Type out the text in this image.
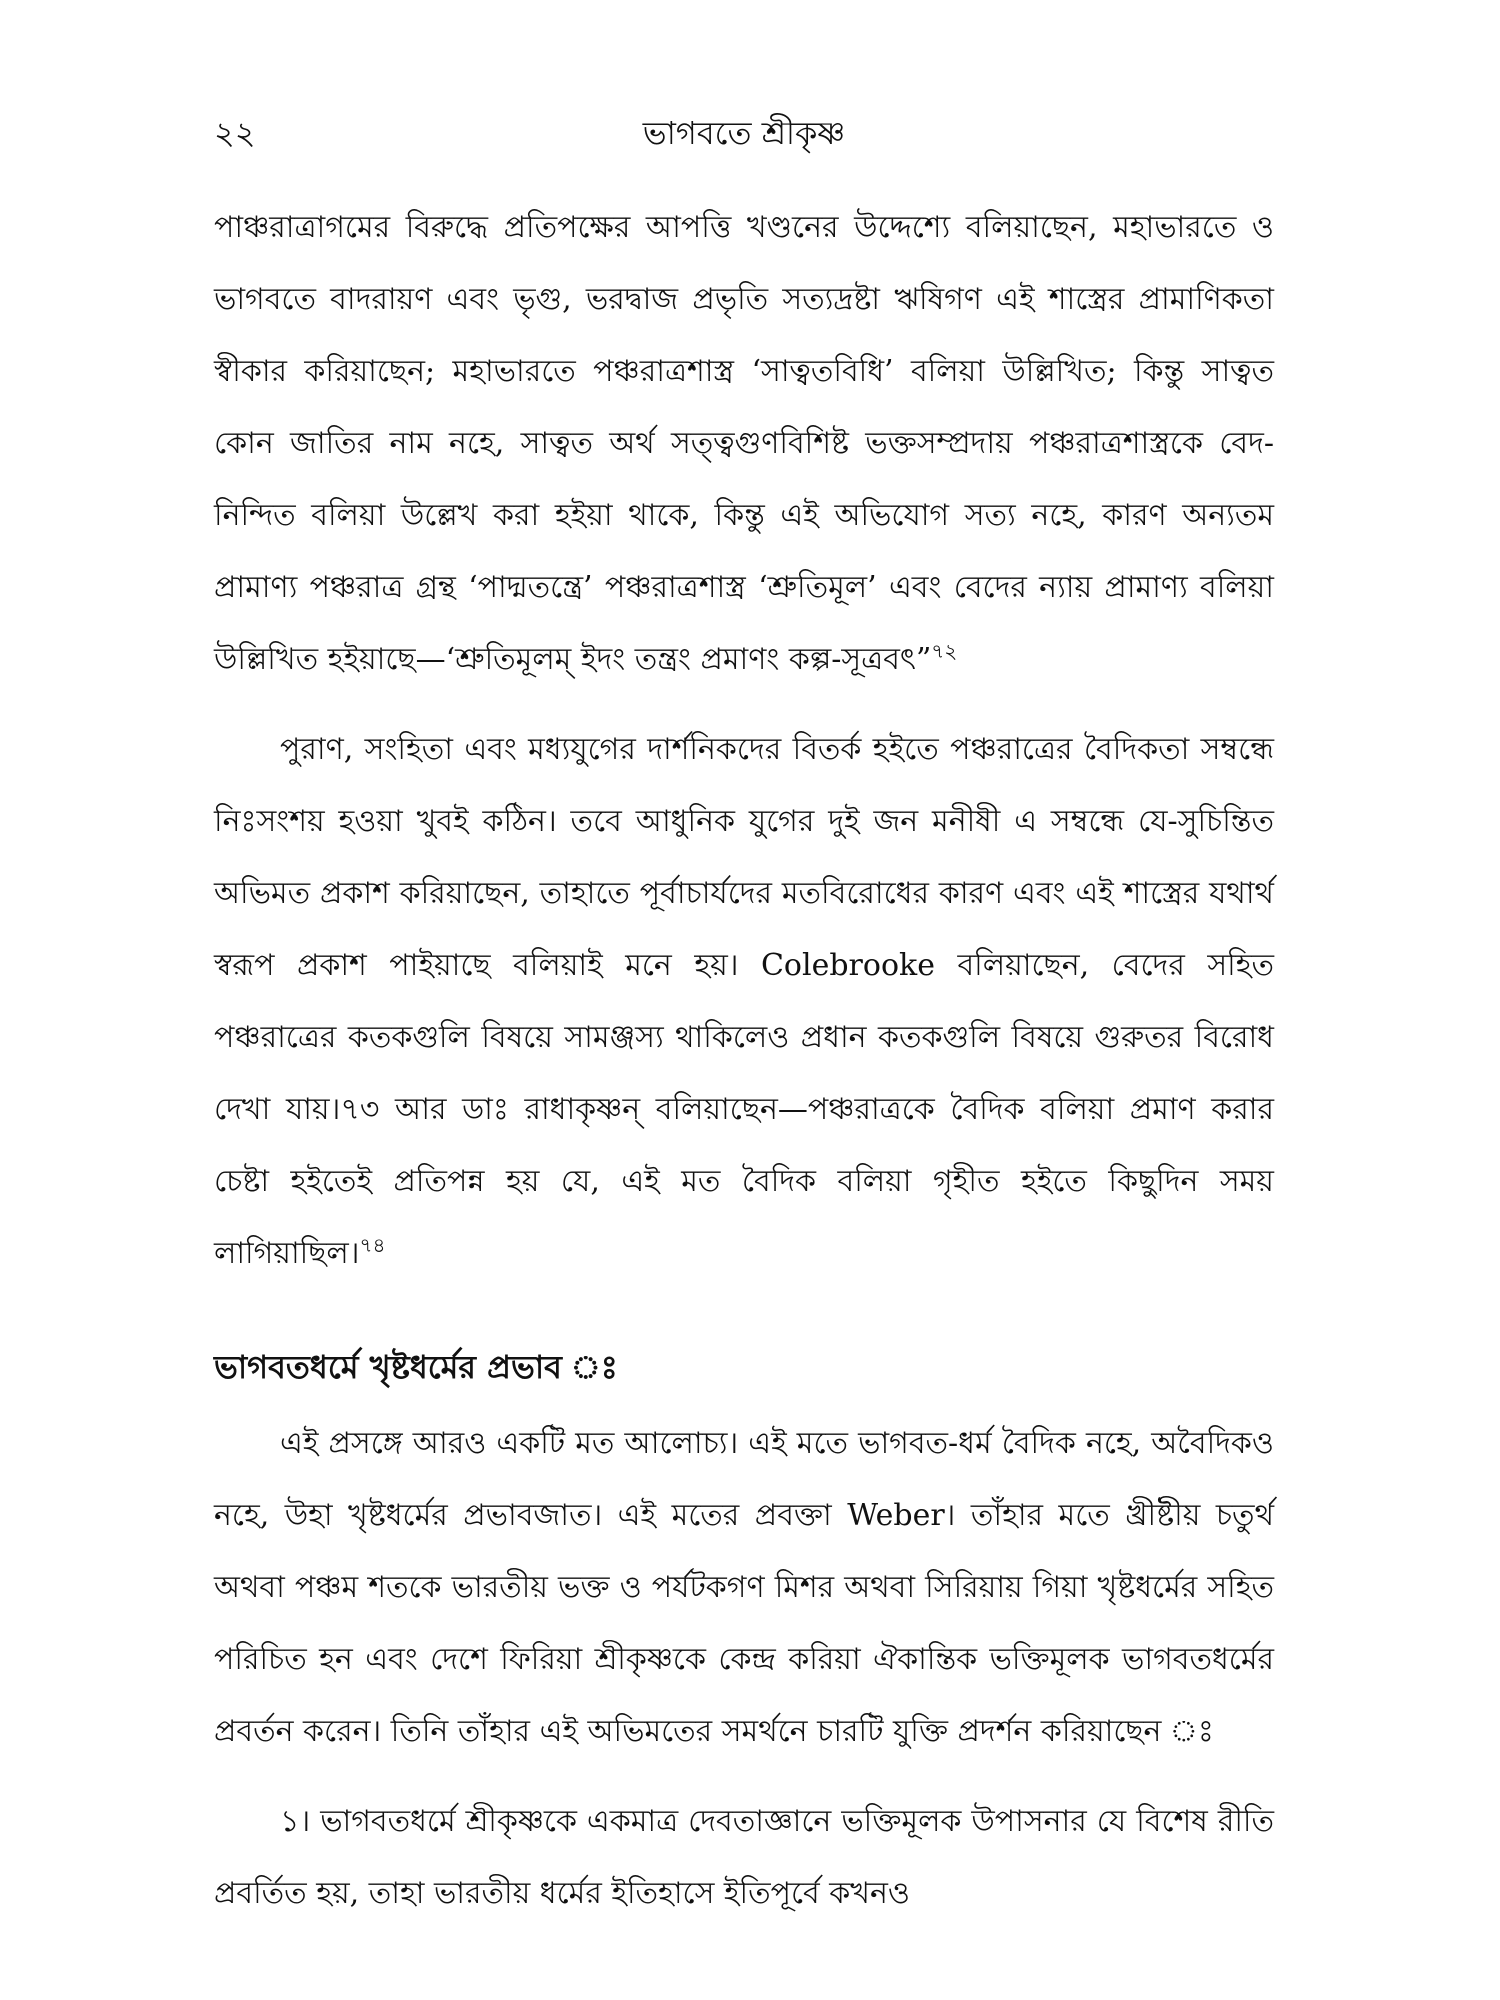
২২	ভাগবতে শ্রীকৃষ্ণ

পাঞ্চরাত্রাগমের বিরুদ্ধে প্রতিপক্ষের আপত্তি খণ্ডনের উদ্দেশ্যে বলিয়াছেন, মহাভারতে ও ভাগবতে বাদরায়ণ এবং ভৃগু, ভরদ্বাজ প্রভৃতি সত্যদ্রষ্টা ঋষিগণ এই শাস্ত্রের প্রামাণিকতা স্বীকার করিয়াছেন; মহাভারতে পঞ্চরাত্রশাস্ত্র ‘সাত্বতবিধি’ বলিয়া উল্লিখিত; কিন্তু সাত্বত কোন জাতির নাম নহে, সাত্বত অর্থ সত্ত্বগুণবিশিষ্ট ভক্তসম্প্রদায় পঞ্চরাত্রশাস্ত্রকে বেদ-নিন্দিত বলিয়া উল্লেখ করা হইয়া থাকে, কিন্তু এই অভিযোগ সত্য নহে, কারণ অন্যতম প্রামাণ্য পঞ্চরাত্র গ্রন্থ ‘পাদ্মতন্ত্রে’ পঞ্চরাত্রশাস্ত্র ‘শ্রুতিমূল’ এবং বেদের ন্যায় প্রামাণ্য বলিয়া উল্লিখিত হইয়াছে—‘শ্রুতিমূলম্ ইদং তন্ত্রং প্রমাণং কল্প-সূত্রবৎ”$^{৭২}$

পুরাণ, সংহিতা এবং মধ্যযুগের দার্শনিকদের বিতর্ক হইতে পঞ্চরাত্রের বৈদিকতা সম্বন্ধে নিঃসংশয় হওয়া খুবই কঠিন। তবে আধুনিক যুগের দুই জন মনীষী এ সম্বন্ধে যে-সুচিন্তিত অভিমত প্রকাশ করিয়াছেন, তাহাতে পূর্বাচার্যদের মতবিরোধের কারণ এবং এই শাস্ত্রের যথার্থ স্বরূপ প্রকাশ পাইয়াছে বলিয়াই মনে হয়। Colebrooke বলিয়াছেন, বেদের সহিত পঞ্চরাত্রের কতকগুলি বিষয়ে সামঞ্জস্য থাকিলেও প্রধান কতকগুলি বিষয়ে গুরুতর বিরোধ দেখা যায়।৭৩ আর ডাঃ রাধাকৃষ্ণন্ বলিয়াছেন—পঞ্চরাত্রকে বৈদিক বলিয়া প্রমাণ করার চেষ্টা হইতেই প্রতিপন্ন হয় যে, এই মত বৈদিক বলিয়া গৃহীত হইতে কিছুদিন সময় লাগিয়াছিল।$^{৭৪}$

ভাগবতধর্মে খৃষ্টধর্মের প্রভাব ঃ

এই প্রসঙ্গে আরও একটি মত আলোচ্য। এই মতে ভাগবত-ধর্ম বৈদিক নহে, অবৈদিকও নহে, উহা খৃষ্টধর্মের প্রভাবজাত। এই মতের প্রবক্তা Weber। তাঁহার মতে খ্রীষ্টীয় চতুর্থ অথবা পঞ্চম শতকে ভারতীয় ভক্ত ও পর্যটকগণ মিশর অথবা সিরিয়ায় গিয়া খৃষ্টধর্মের সহিত পরিচিত হন এবং দেশে ফিরিয়া শ্রীকৃষ্ণকে কেন্দ্র করিয়া ঐকান্তিক ভক্তিমূলক ভাগবতধর্মের প্রবর্তন করেন। তিনি তাঁহার এই অভিমতের সমর্থনে চারটি যুক্তি প্রদর্শন করিয়াছেন ঃ

১। ভাগবতধর্মে শ্রীকৃষ্ণকে একমাত্র দেবতাজ্ঞানে ভক্তিমূলক উপাসনার যে বিশেষ রীতি প্রবর্তিত হয়, তাহা ভারতীয় ধর্মের ইতিহাসে ইতিপূর্বে কখনও
